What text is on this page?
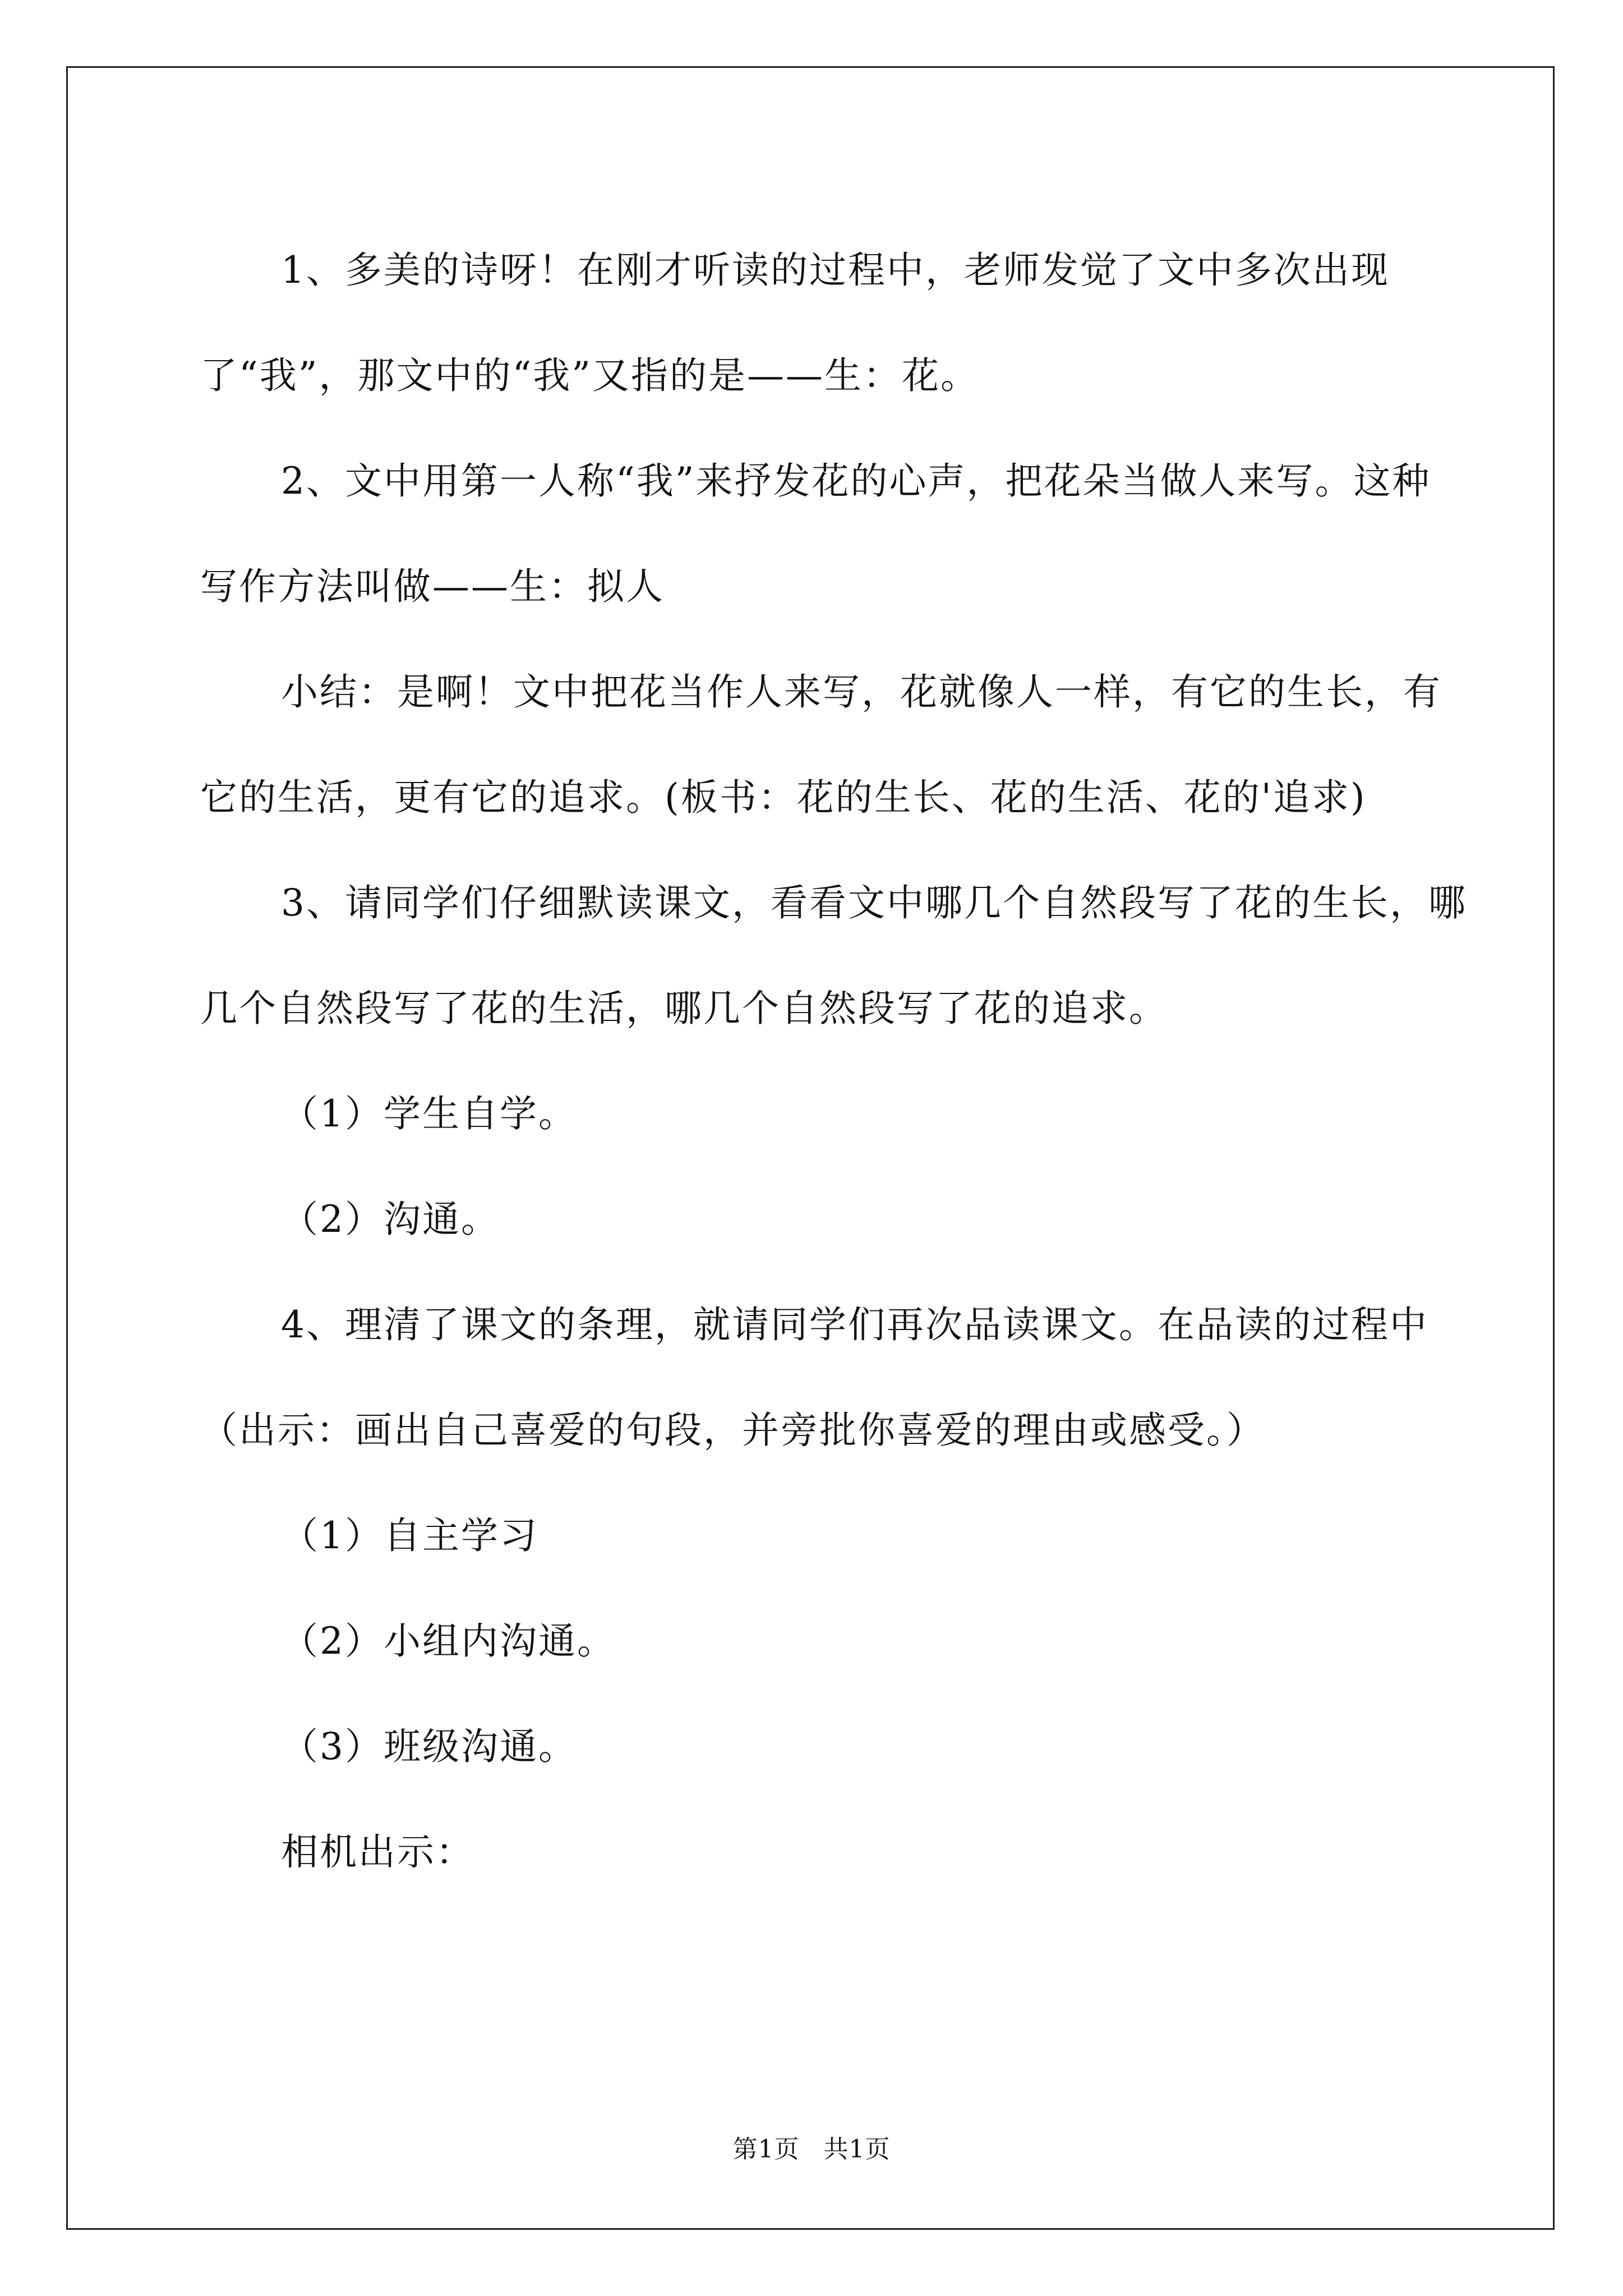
1、多美的诗呀！在刚才听读的过程中，老师发觉了文中多次出现了“我”，那文中的“我”又指的是——生：花。

2、文中用第一人称“我”来抒发花的心声，把花朵当做人来写。这种写作方法叫做——生：拟人

小结：是啊！文中把花当作人来写，花就像人一样，有它的生长，有它的生活，更有它的追求。(板书：花的生长、花的生活、花的'追求)

3、请同学们仔细默读课文，看看文中哪几个自然段写了花的生长，哪几个自然段写了花的生活，哪几个自然段写了花的追求。

（1）学生自学。

（2）沟通。

4、理清了课文的条理，就请同学们再次品读课文。在品读的过程中（出示：画出自己喜爱的句段，并旁批你喜爱的理由或感受。）

（1）自主学习

（2）小组内沟通。

（3）班级沟通。

相机出示：

第1页 共1页
